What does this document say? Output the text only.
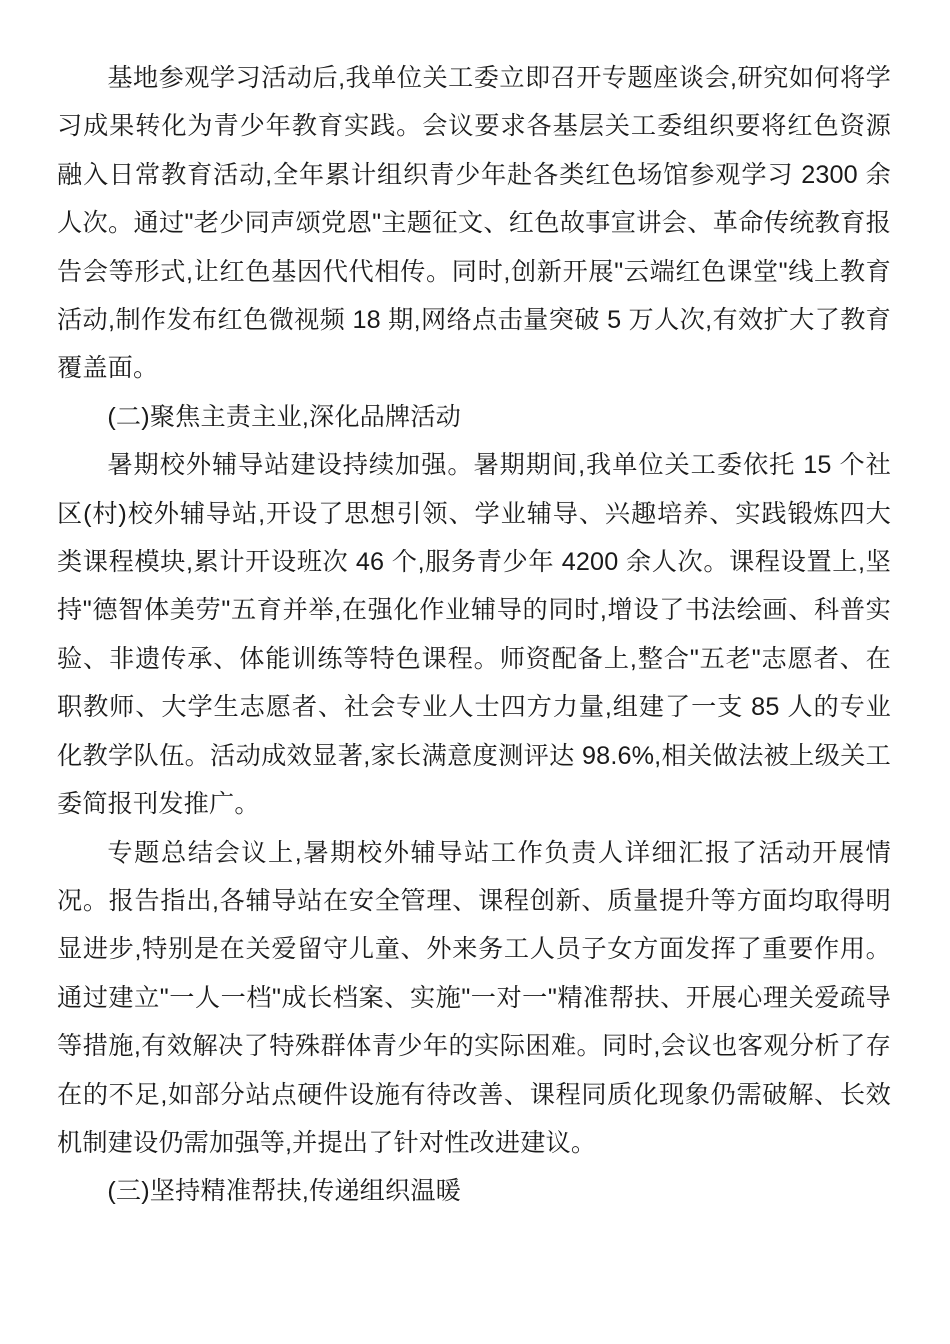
基地参观学习活动后,我单位关工委立即召开专题座谈会,研究如何将学习成果转化为青少年教育实践。会议要求各基层关工委组织要将红色资源融入日常教育活动,全年累计组织青少年赴各类红色场馆参观学习 2300 余人次。通过"老少同声颂党恩"主题征文、红色故事宣讲会、革命传统教育报告会等形式,让红色基因代代相传。同时,创新开展"云端红色课堂"线上教育活动,制作发布红色微视频 18 期,网络点击量突破 5 万人次,有效扩大了教育覆盖面。

(二)聚焦主责主业,深化品牌活动

暑期校外辅导站建设持续加强。暑期期间,我单位关工委依托 15 个社区(村)校外辅导站,开设了思想引领、学业辅导、兴趣培养、实践锻炼四大类课程模块,累计开设班次 46 个,服务青少年 4200 余人次。课程设置上,坚持"德智体美劳"五育并举,在强化作业辅导的同时,增设了书法绘画、科普实验、非遗传承、体能训练等特色课程。师资配备上,整合"五老"志愿者、在职教师、大学生志愿者、社会专业人士四方力量,组建了一支 85 人的专业化教学队伍。活动成效显著,家长满意度测评达 98.6%,相关做法被上级关工委简报刊发推广。

专题总结会议上,暑期校外辅导站工作负责人详细汇报了活动开展情况。报告指出,各辅导站在安全管理、课程创新、质量提升等方面均取得明显进步,特别是在关爱留守儿童、外来务工人员子女方面发挥了重要作用。通过建立"一人一档"成长档案、实施"一对一"精准帮扶、开展心理关爱疏导等措施,有效解决了特殊群体青少年的实际困难。同时,会议也客观分析了存在的不足,如部分站点硬件设施有待改善、课程同质化现象仍需破解、长效机制建设仍需加强等,并提出了针对性改进建议。

(三)坚持精准帮扶,传递组织温暖
